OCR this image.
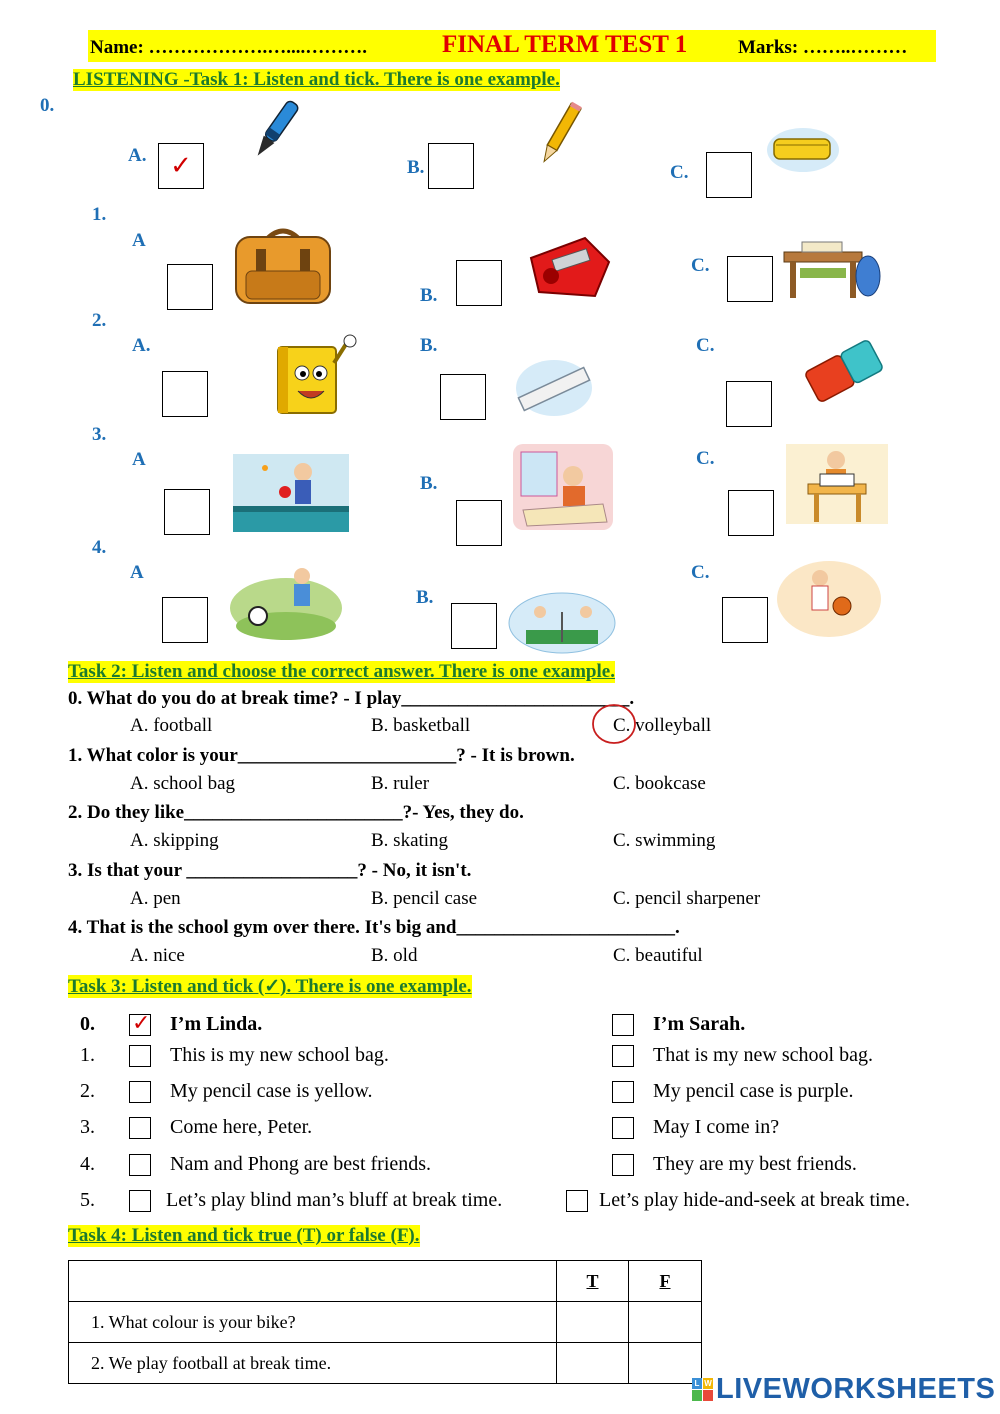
Name: ……………….…....……….	FINAL TERM TEST 1	Marks: ……..………
LISTENING -Task 1: Listen and tick. There is one example.
0.
A. ✓	B.	C.
1.
A
B.
C.
2.
A.	B.	C.
3.
A
B.
C.
4.
A
B.
C.
Task 2: Listen and choose the correct answer. There is one example.
0. What do you do at break time? - I play________________________.
A. football	B. basketball	C. volleyball
1. What color is your_______________________? - It is brown.
A. school bag	B. ruler	C. bookcase
2. Do they like_______________________?- Yes, they do.
A. skipping	B. skating	C. swimming
3. Is that your __________________? - No, it isn't.
A. pen	B. pencil case	C. pencil sharpener
4. That is the school gym over there. It's big and_______________________.
A. nice	B. old	C. beautiful
Task 3: Listen and tick (✓). There is one example.
0. ✓ I’m Linda.	I’m Sarah.
1.	This is my new school bag.	That is my new school bag.
2.	My pencil case is yellow.	My pencil case is purple.
3.	Come here, Peter.	May I come in?
4.	Nam and Phong are best friends.	They are my best friends.
5.	Let’s play blind man’s bluff at break time.	Let’s play hide-and-seek at break time.
Task 4: Listen and tick true (T) or false (F).
	T	F
1. What colour is your bike?		
2. We play football at break time.		
L W LIVEWORKSHEETS
